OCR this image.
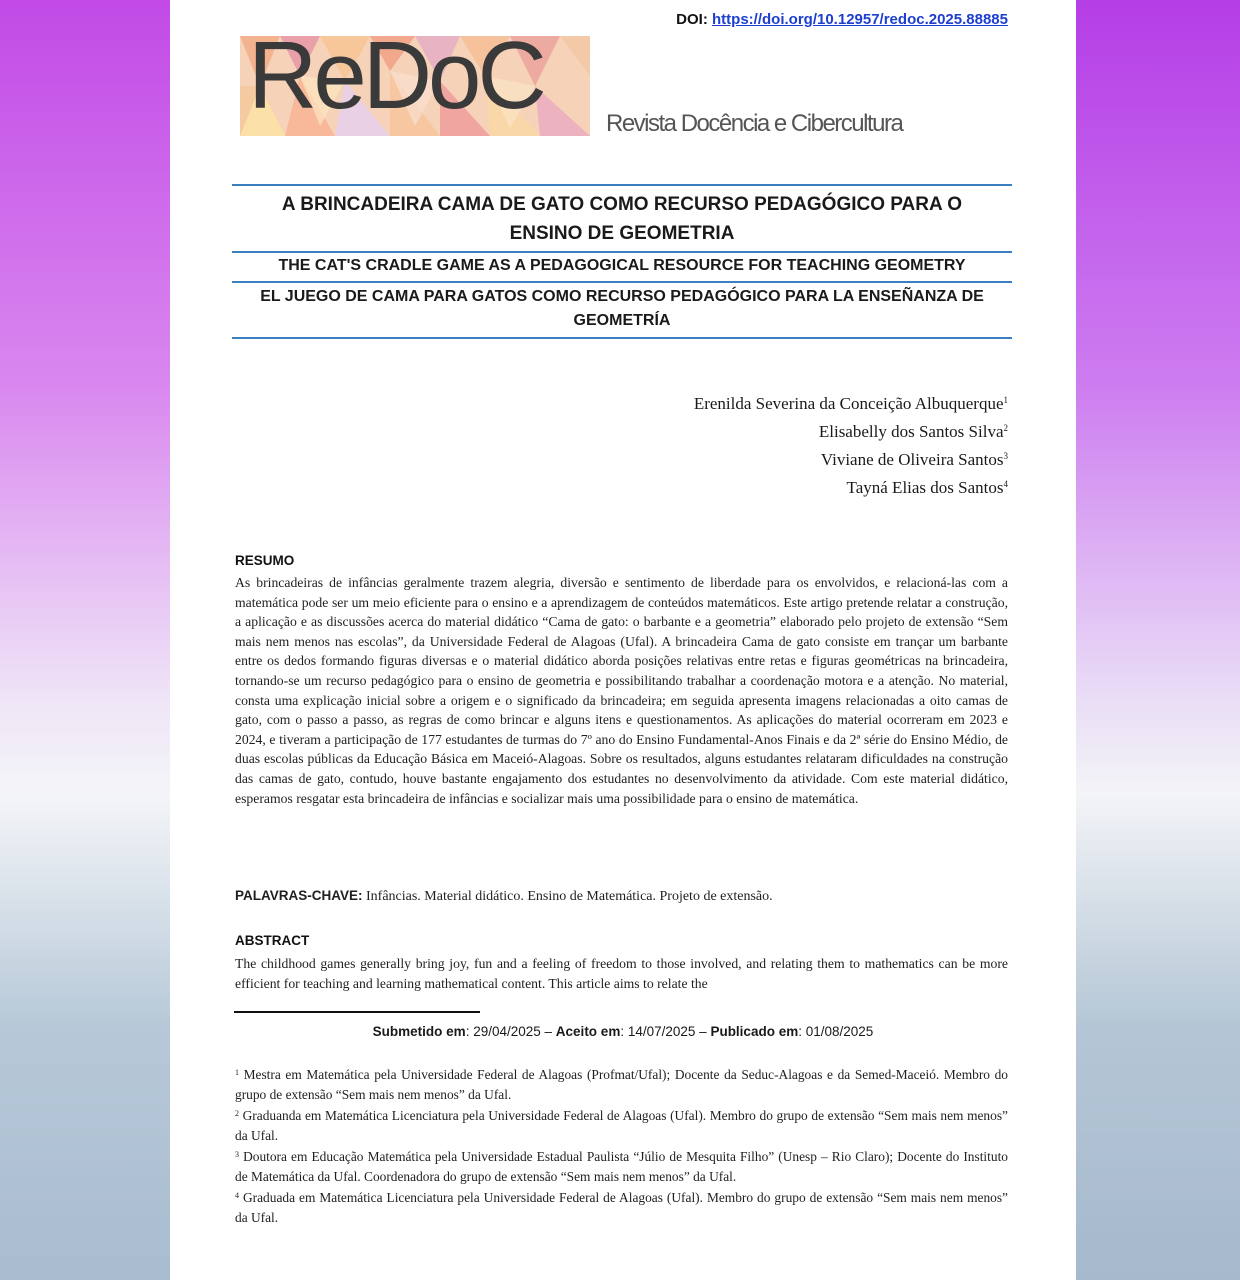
DOI: https://doi.org/10.12957/redoc.2025.88885
ReDoC	Revista Docência e Cibercultura
A BRINCADEIRA CAMA DE GATO COMO RECURSO PEDAGÓGICO PARA O ENSINO DE GEOMETRIA
THE CAT'S CRADLE GAME AS A PEDAGOGICAL RESOURCE FOR TEACHING GEOMETRY
EL JUEGO DE CAMA PARA GATOS COMO RECURSO PEDAGÓGICO PARA LA ENSEÑANZA DE GEOMETRÍA
Erenilda Severina da Conceição Albuquerque$^1$
Elisabelly dos Santos Silva$^2$
Viviane de Oliveira Santos$^3$
Tayná Elias dos Santos$^4$
RESUMO
As brincadeiras de infâncias geralmente trazem alegria, diversão e sentimento de liberdade para os envolvidos, e relacioná-las com a matemática pode ser um meio eficiente para o ensino e a aprendizagem de conteúdos matemáticos. Este artigo pretende relatar a construção, a aplicação e as discussões acerca do material didático “Cama de gato: o barbante e a geometria” elaborado pelo projeto de extensão “Sem mais nem menos nas escolas”, da Universidade Federal de Alagoas (Ufal). A brincadeira Cama de gato consiste em trançar um barbante entre os dedos formando figuras diversas e o material didático aborda posições relativas entre retas e figuras geométricas na brincadeira, tornando-se um recurso pedagógico para o ensino de geometria e possibilitando trabalhar a coordenação motora e a atenção. No material, consta uma explicação inicial sobre a origem e o significado da brincadeira; em seguida apresenta imagens relacionadas a oito camas de gato, com o passo a passo, as regras de como brincar e alguns itens e questionamentos. As aplicações do material ocorreram em 2023 e 2024, e tiveram a participação de 177 estudantes de turmas do 7º ano do Ensino Fundamental-Anos Finais e da 2ª série do Ensino Médio, de duas escolas públicas da Educação Básica em Maceió-Alagoas. Sobre os resultados, alguns estudantes relataram dificuldades na construção das camas de gato, contudo, houve bastante engajamento dos estudantes no desenvolvimento da atividade. Com este material didático, esperamos resgatar esta brincadeira de infâncias e socializar mais uma possibilidade para o ensino de matemática.
PALAVRAS-CHAVE: Infâncias. Material didático. Ensino de Matemática. Projeto de extensão.
ABSTRACT
The childhood games generally bring joy, fun and a feeling of freedom to those involved, and relating them to mathematics can be more efficient for teaching and learning mathematical content. This article aims to relate the
Submetido em: 29/04/2025 – Aceito em: 14/07/2025 – Publicado em: 01/08/2025

$^1$ Mestra em Matemática pela Universidade Federal de Alagoas (Profmat/Ufal); Docente da Seduc-Alagoas e da Semed-Maceió. Membro do grupo de extensão “Sem mais nem menos” da Ufal.

$^2$ Graduanda em Matemática Licenciatura pela Universidade Federal de Alagoas (Ufal). Membro do grupo de extensão “Sem mais nem menos” da Ufal.

$^3$ Doutora em Educação Matemática pela Universidade Estadual Paulista “Júlio de Mesquita Filho” (Unesp – Rio Claro); Docente do Instituto de Matemática da Ufal. Coordenadora do grupo de extensão “Sem mais nem menos” da Ufal.

$^4$ Graduada em Matemática Licenciatura pela Universidade Federal de Alagoas (Ufal). Membro do grupo de extensão “Sem mais nem menos” da Ufal.
